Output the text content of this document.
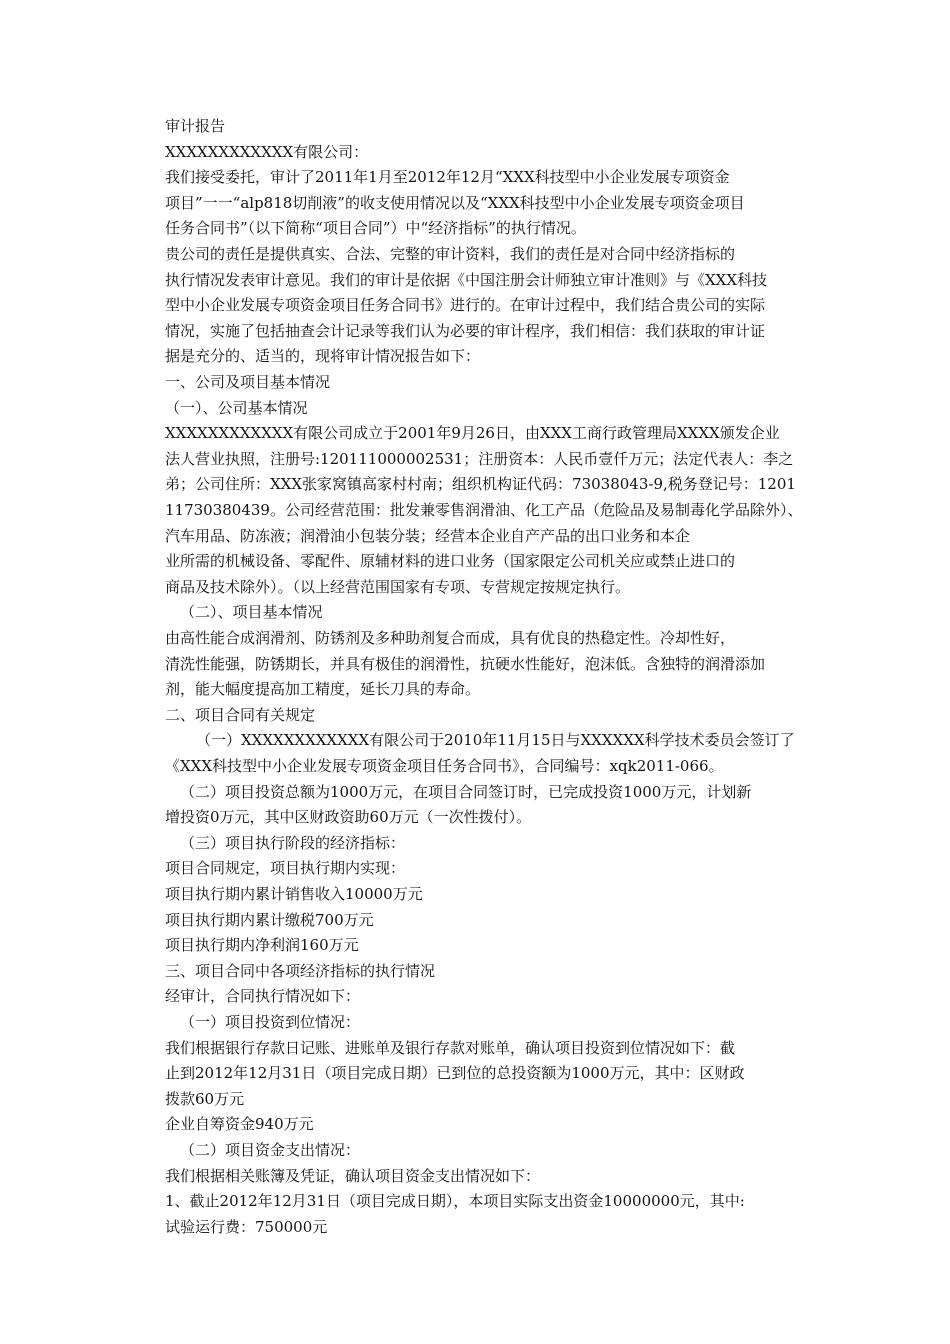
审计报告
XXXXXXXXXXXX有限公司：
我们接受委托，审计了2011年1月至2012年12月“XXX科技型中小企业发展专项资金
项目”一一“alp818切削液”的收支使用情况以及“XXX科技型中小企业发展专项资金项目
任务合同书”（以下简称“项目合同”）中“经济指标”的执行情况。
贵公司的责任是提供真实、合法、完整的审计资料，我们的责任是对合同中经济指标的
执行情况发表审计意见。我们的审计是依据《中国注册会计师独立审计准则》与《XXX科技
型中小企业发展专项资金项目任务合同书》进行的。在审计过程中，我们结合贵公司的实际
情况，实施了包括抽查会计记录等我们认为必要的审计程序，我们相信：我们获取的审计证
据是充分的、适当的，现将审计情况报告如下：
一、公司及项目基本情况
（一）、公司基本情况
XXXXXXXXXXXX有限公司成立于2001年9月26日，由XXX工商行政管理局XXXX颁发企业
法人营业执照，注册号:120111000002531；注册资本：人民币壹仟万元；法定代表人：李之
弟；公司住所：XXX张家窝镇高家村村南；组织机构证代码：73038043-9,税务登记号：1201
11730380439。公司经营范围：批发兼零售润滑油、化工产品（危险品及易制毒化学品除外）、
汽车用品、防冻液；润滑油小包装分装；经营本企业自产产品的出口业务和本企
业所需的机械设备、零配件、原辅材料的进口业务（国家限定公司机关应或禁止进口的
商品及技术除外）。（以上经营范围国家有专项、专营规定按规定执行。
（二）、项目基本情况
由高性能合成润滑剂、防锈剂及多种助剂复合而成，具有优良的热稳定性。冷却性好，
清洗性能强，防锈期长，并具有极佳的润滑性，抗硬水性能好，泡沫低。含独特的润滑添加
剂，能大幅度提高加工精度，延长刀具的寿命。
二、项目合同有关规定
（一）XXXXXXXXXXXX有限公司于2010年11月15日与XXXXXX科学技术委员会签订了
《XXX科技型中小企业发展专项资金项目任务合同书》，合同编号：xqk2011-066。
（二）项目投资总额为1000万元，在项目合同签订时，已完成投资1000万元，计划新
增投资0万元，其中区财政资助60万元（一次性拨付）。
（三）项目执行阶段的经济指标：
项目合同规定，项目执行期内实现：
项目执行期内累计销售收入10000万元
项目执行期内累计缴税700万元
项目执行期内净利润160万元
三、项目合同中各项经济指标的执行情况
经审计，合同执行情况如下：
（一）项目投资到位情况：
我们根据银行存款日记账、进账单及银行存款对账单，确认项目投资到位情况如下：截
止到2012年12月31日（项目完成日期）已到位的总投资额为1000万元，其中：区财政
拨款60万元
企业自筹资金940万元
（二）项目资金支出情况：
我们根据相关账簿及凭证，确认项目资金支出情况如下：
1、截止2012年12月31日（项目完成日期），本项目实际支出资金10000000元，其中:
试验运行费：750000元
